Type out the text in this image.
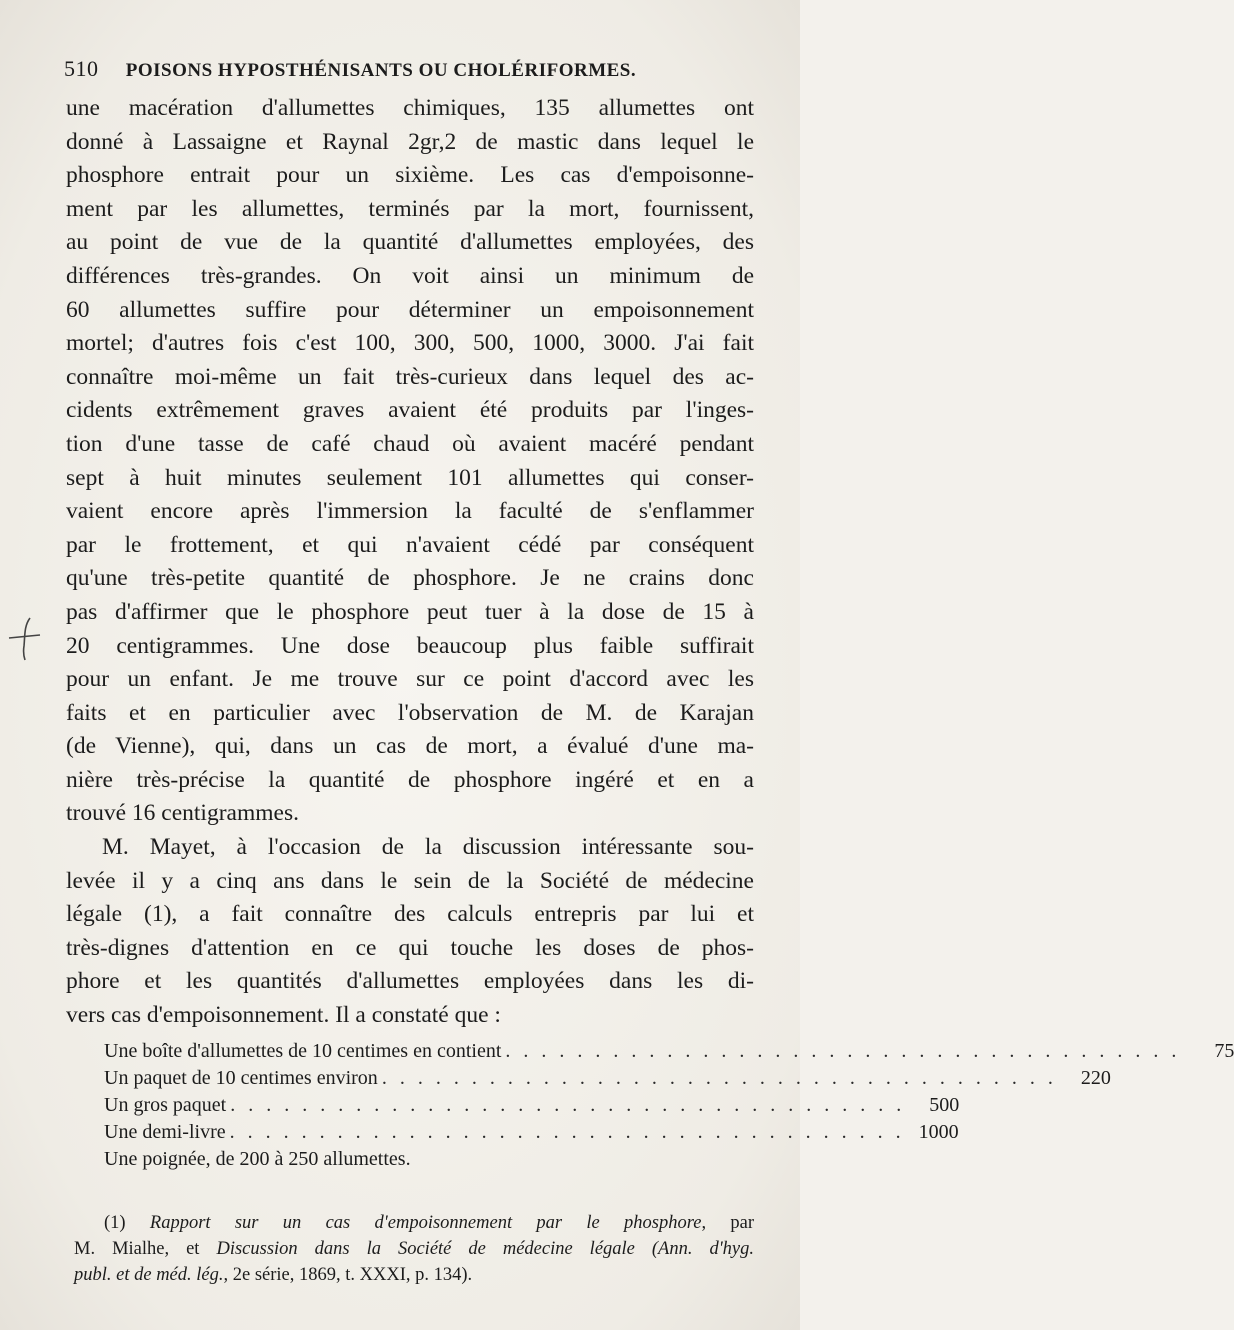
510 POISONS HYPOSTHÉNISANTS OU CHOLÉRIFORMES.
une macération d'allumettes chimiques, 135 allumettes ont
donné à Lassaigne et Raynal 2gr,2 de mastic dans lequel le
phosphore entrait pour un sixième. Les cas d'empoisonne-
ment par les allumettes, terminés par la mort, fournissent,
au point de vue de la quantité d'allumettes employées, des
différences très-grandes. On voit ainsi un minimum de
60 allumettes suffire pour déterminer un empoisonnement
mortel; d'autres fois c'est 100, 300, 500, 1000, 3000. J'ai fait
connaître moi-même un fait très-curieux dans lequel des ac-
cidents extrêmement graves avaient été produits par l'inges-
tion d'une tasse de café chaud où avaient macéré pendant
sept à huit minutes seulement 101 allumettes qui conser-
vaient encore après l'immersion la faculté de s'enflammer
par le frottement, et qui n'avaient cédé par conséquent
qu'une très-petite quantité de phosphore. Je ne crains donc
pas d'affirmer que le phosphore peut tuer à la dose de 15 à
20 centigrammes. Une dose beaucoup plus faible suffirait
pour un enfant. Je me trouve sur ce point d'accord avec les
faits et en particulier avec l'observation de M. de Karajan
(de Vienne), qui, dans un cas de mort, a évalué d'une ma-
nière très-précise la quantité de phosphore ingéré et en a
trouvé 16 centigrammes.
M. Mayet, à l'occasion de la discussion intéressante sou-
levée il y a cinq ans dans le sein de la Société de médecine
légale (1), a fait connaître des calculs entrepris par lui et
très-dignes d'attention en ce qui touche les doses de phos-
phore et les quantités d'allumettes employées dans les di-
vers cas d'empoisonnement. Il a constaté que :
Une boîte d'allumettes de 10 centimes en contient . . . . . . . . . . . . . . . . . . . . . . . . . . . . . . . . . . . . . .	75
Un paquet de 10 centimes environ . . . . . . . . . . . . . . . . . . . . . . . . . . . . . . . . . . . . . .	220
Un gros paquet . . . . . . . . . . . . . . . . . . . . . . . . . . . . . . . . . . . . . .	500
Une demi-livre . . . . . . . . . . . . . . . . . . . . . . . . . . . . . . . . . . . . . . 1000
Une poignée, de 200 à 250 allumettes.
(1) Rapport sur un cas d'empoisonnement par le phosphore, par
M. Mialhe, et Discussion dans la Société de médecine légale (Ann. d'hyg.
publ. et de méd. lég., 2e série, 1869, t. XXXI, p. 134).
